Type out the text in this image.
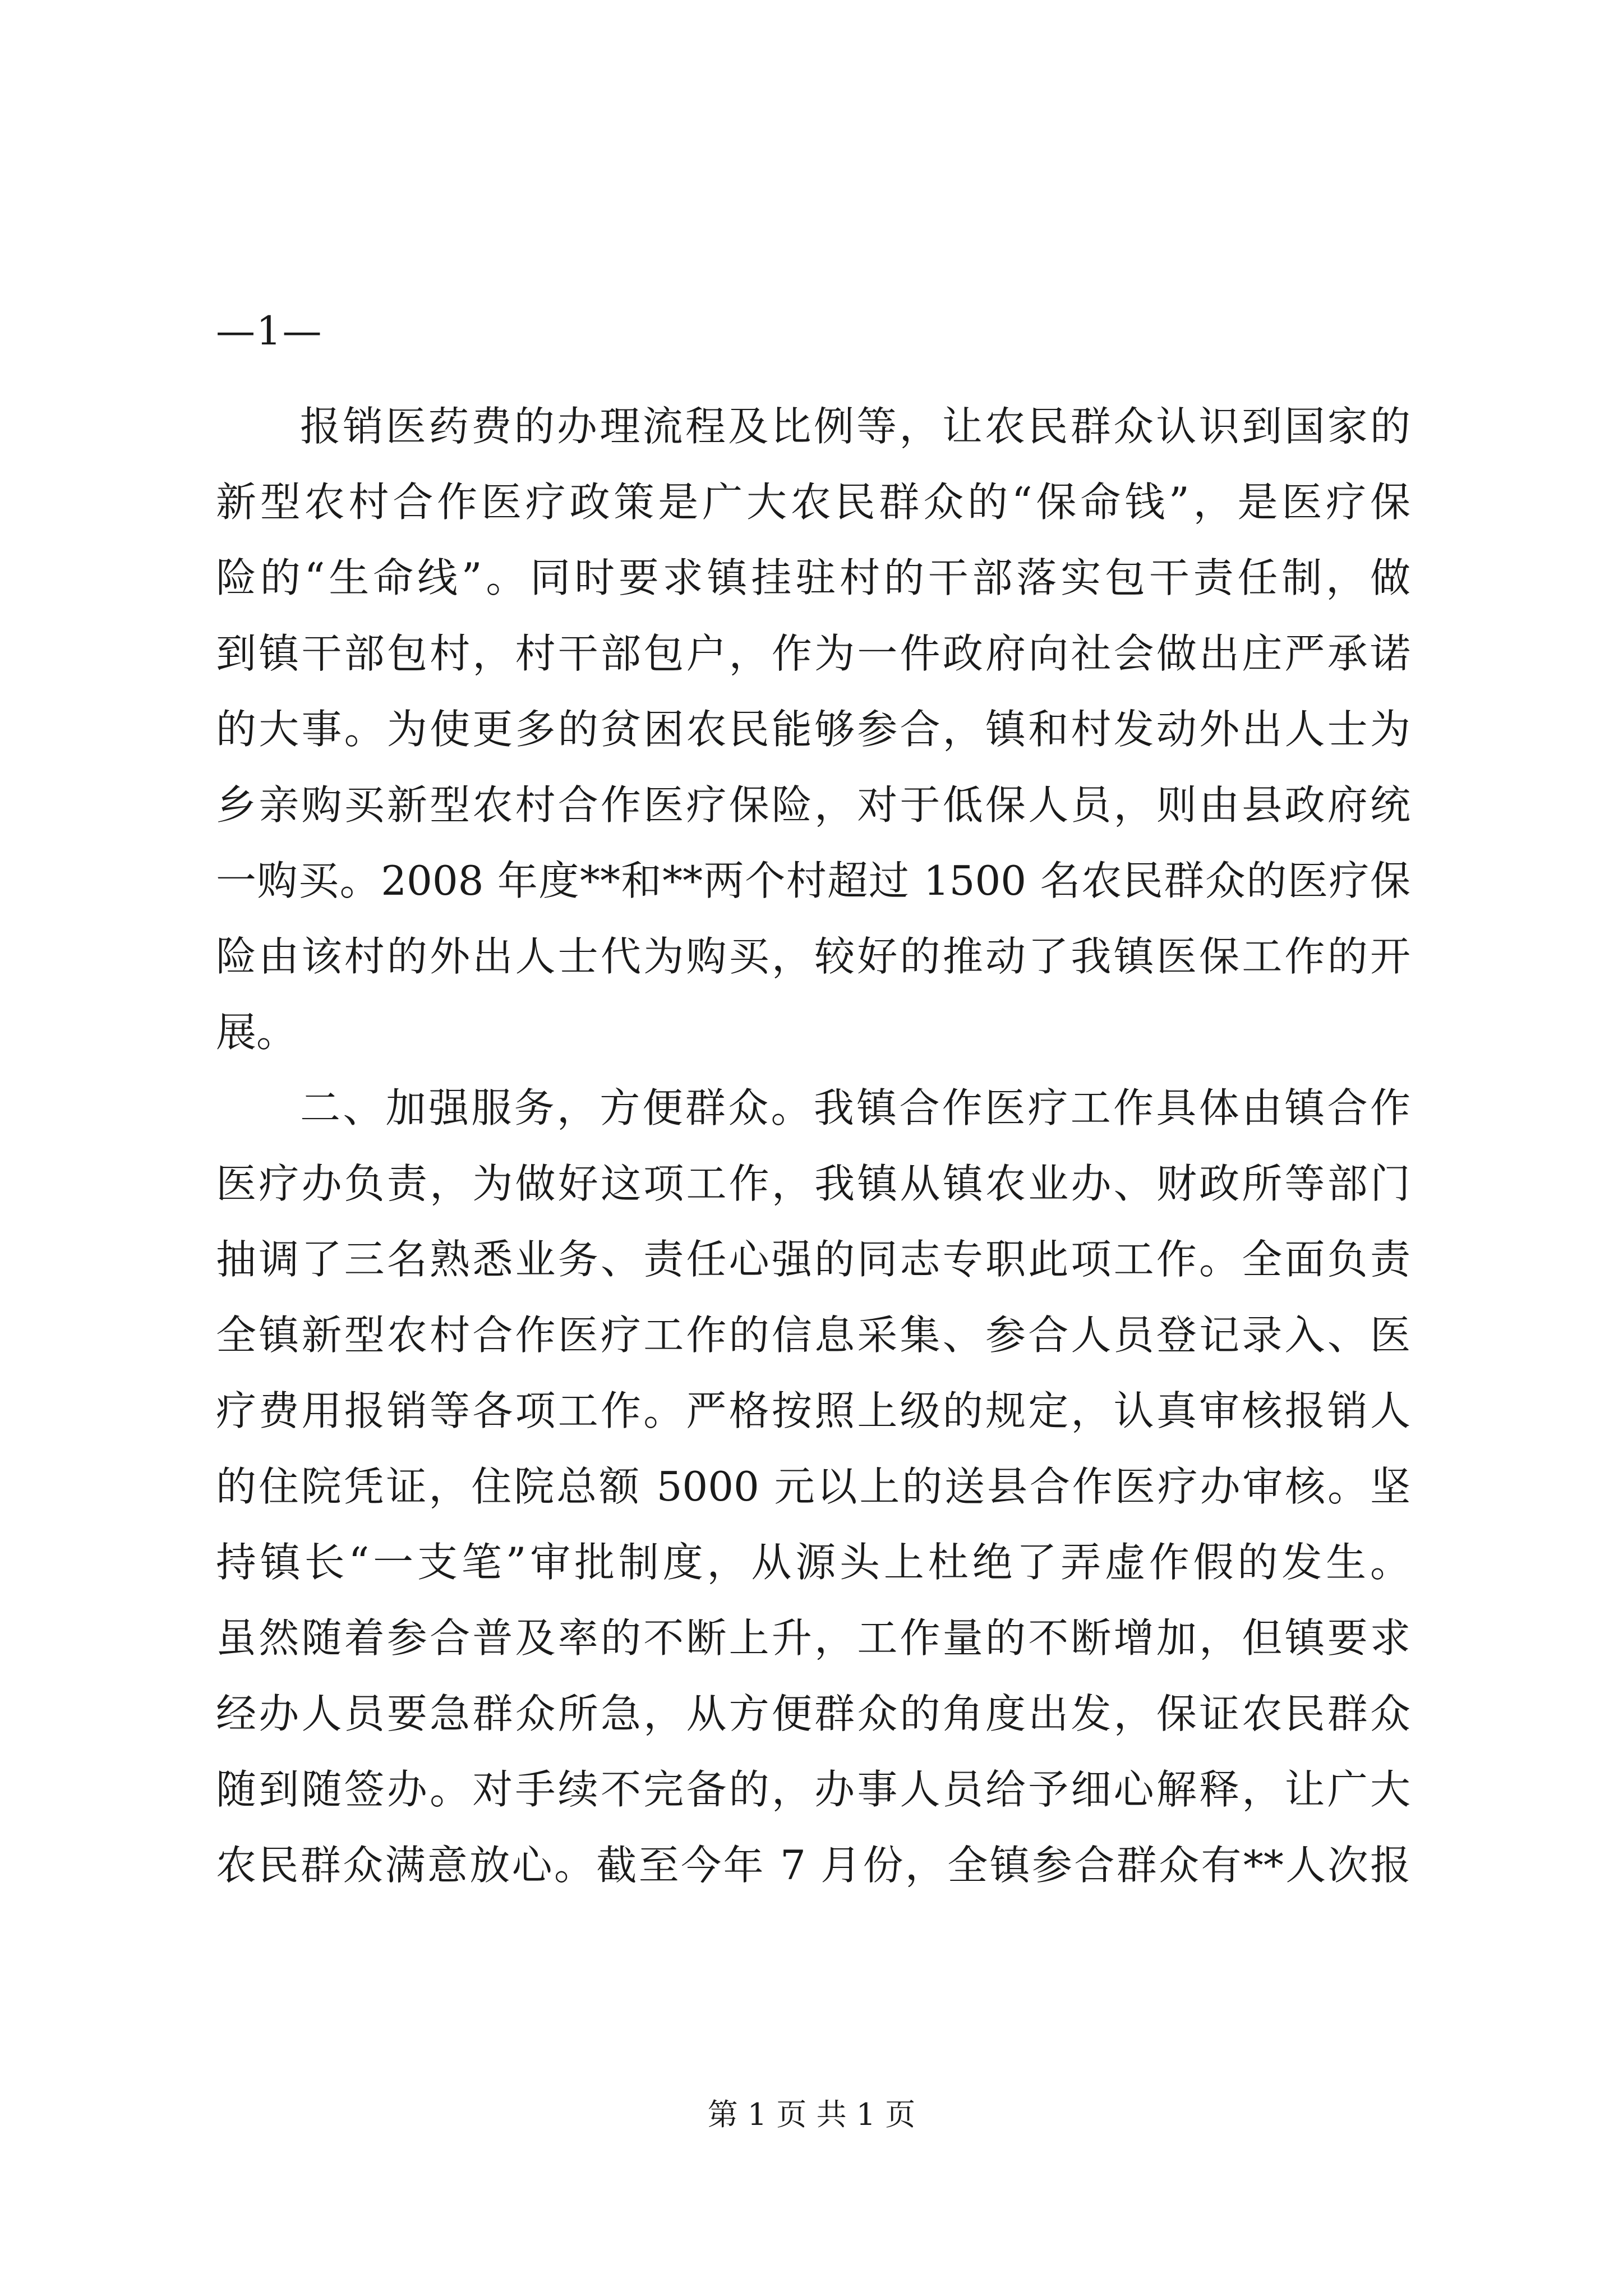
—1—
报销医药费的办理流程及比例等，让农民群众认识到国家的
新型农村合作医疗政策是广大农民群众的“保命钱”，是医疗保
险的“生命线”。同时要求镇挂驻村的干部落实包干责任制，做
到镇干部包村，村干部包户，作为一件政府向社会做出庄严承诺
的大事。为使更多的贫困农民能够参合，镇和村发动外出人士为
乡亲购买新型农村合作医疗保险，对于低保人员，则由县政府统
一购买。2008 年度**和**两个村超过 1500 名农民群众的医疗保
险由该村的外出人士代为购买，较好的推动了我镇医保工作的开
展。
二、加强服务，方便群众。我镇合作医疗工作具体由镇合作
医疗办负责，为做好这项工作，我镇从镇农业办、财政所等部门
抽调了三名熟悉业务、责任心强的同志专职此项工作。全面负责
全镇新型农村合作医疗工作的信息采集、参合人员登记录入、医
疗费用报销等各项工作。严格按照上级的规定，认真审核报销人
的住院凭证，住院总额 5000 元以上的送县合作医疗办审核。坚
持镇长“一支笔”审批制度，从源头上杜绝了弄虚作假的发生。
虽然随着参合普及率的不断上升，工作量的不断增加，但镇要求
经办人员要急群众所急，从方便群众的角度出发，保证农民群众
随到随签办。对手续不完备的，办事人员给予细心解释，让广大
农民群众满意放心。截至今年 7 月份，全镇参合群众有**人次报
第 1 页 共 1 页
